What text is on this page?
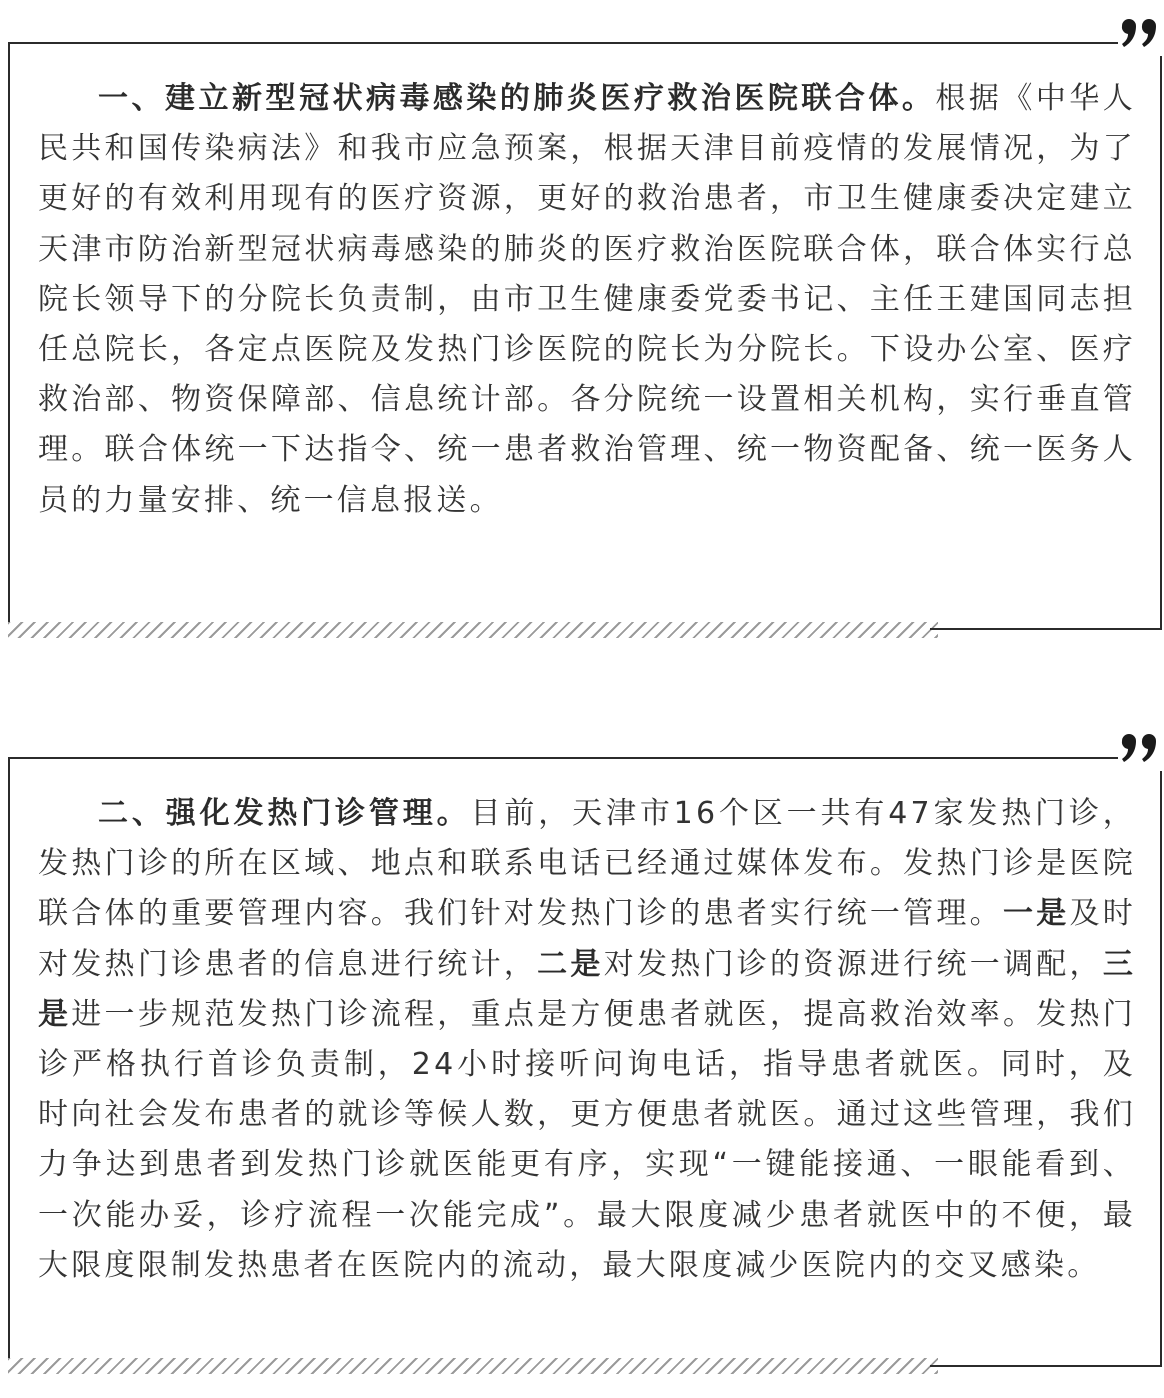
一、建立新型冠状病毒感染的肺炎医疗救治医院联合体。根据《中华人民共和国传染病法》和我市应急预案，根据天津目前疫情的发展情况，为了更好的有效利用现有的医疗资源，更好的救治患者，市卫生健康委决定建立天津市防治新型冠状病毒感染的肺炎的医疗救治医院联合体，联合体实行总院长领导下的分院长负责制，由市卫生健康委党委书记、主任王建国同志担任总院长，各定点医院及发热门诊医院的院长为分院长。下设办公室、医疗救治部、物资保障部、信息统计部。各分院统一设置相关机构，实行垂直管理。联合体统一下达指令、统一患者救治管理、统一物资配备、统一医务人员的力量安排、统一信息报送。

二、强化发热门诊管理。目前，天津市16个区一共有47家发热门诊，发热门诊的所在区域、地点和联系电话已经通过媒体发布。发热门诊是医院联合体的重要管理内容。我们针对发热门诊的患者实行统一管理。一是及时对发热门诊患者的信息进行统计，二是对发热门诊的资源进行统一调配，三是进一步规范发热门诊流程，重点是方便患者就医，提高救治效率。发热门诊严格执行首诊负责制，24小时接听问询电话，指导患者就医。同时，及时向社会发布患者的就诊等候人数，更方便患者就医。通过这些管理，我们力争达到患者到发热门诊就医能更有序，实现“一键能接通、一眼能看到、一次能办妥，诊疗流程一次能完成”。最大限度减少患者就医中的不便，最大限度限制发热患者在医院内的流动，最大限度减少医院内的交叉感染。
